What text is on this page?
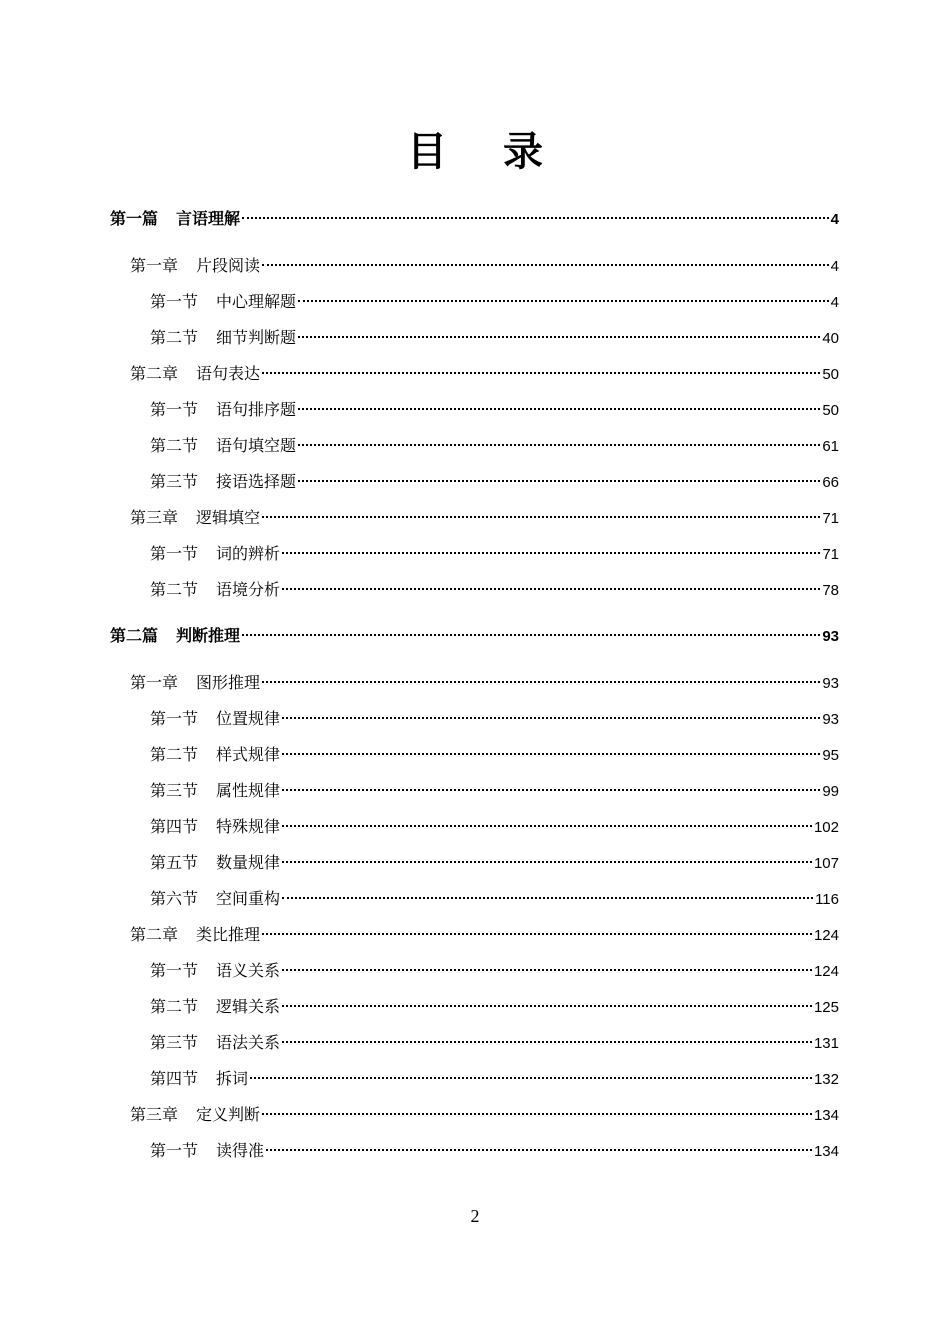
目录
第一篇 言语理解	4
第一章 片段阅读	4
第一节 中心理解题	4
第二节 细节判断题	40
第二章 语句表达	50
第一节 语句排序题	50
第二节 语句填空题	61
第三节 接语选择题	66
第三章 逻辑填空	71
第一节 词的辨析	71
第二节 语境分析	78
第二篇 判断推理	93
第一章 图形推理	93
第一节 位置规律	93
第二节 样式规律	95
第三节 属性规律	99
第四节 特殊规律	102
第五节 数量规律	107
第六节 空间重构	116
第二章 类比推理	124
第一节 语义关系	124
第二节 逻辑关系	125
第三节 语法关系	131
第四节 拆词	132
第三章 定义判断	134
第一节 读得准	134
2
